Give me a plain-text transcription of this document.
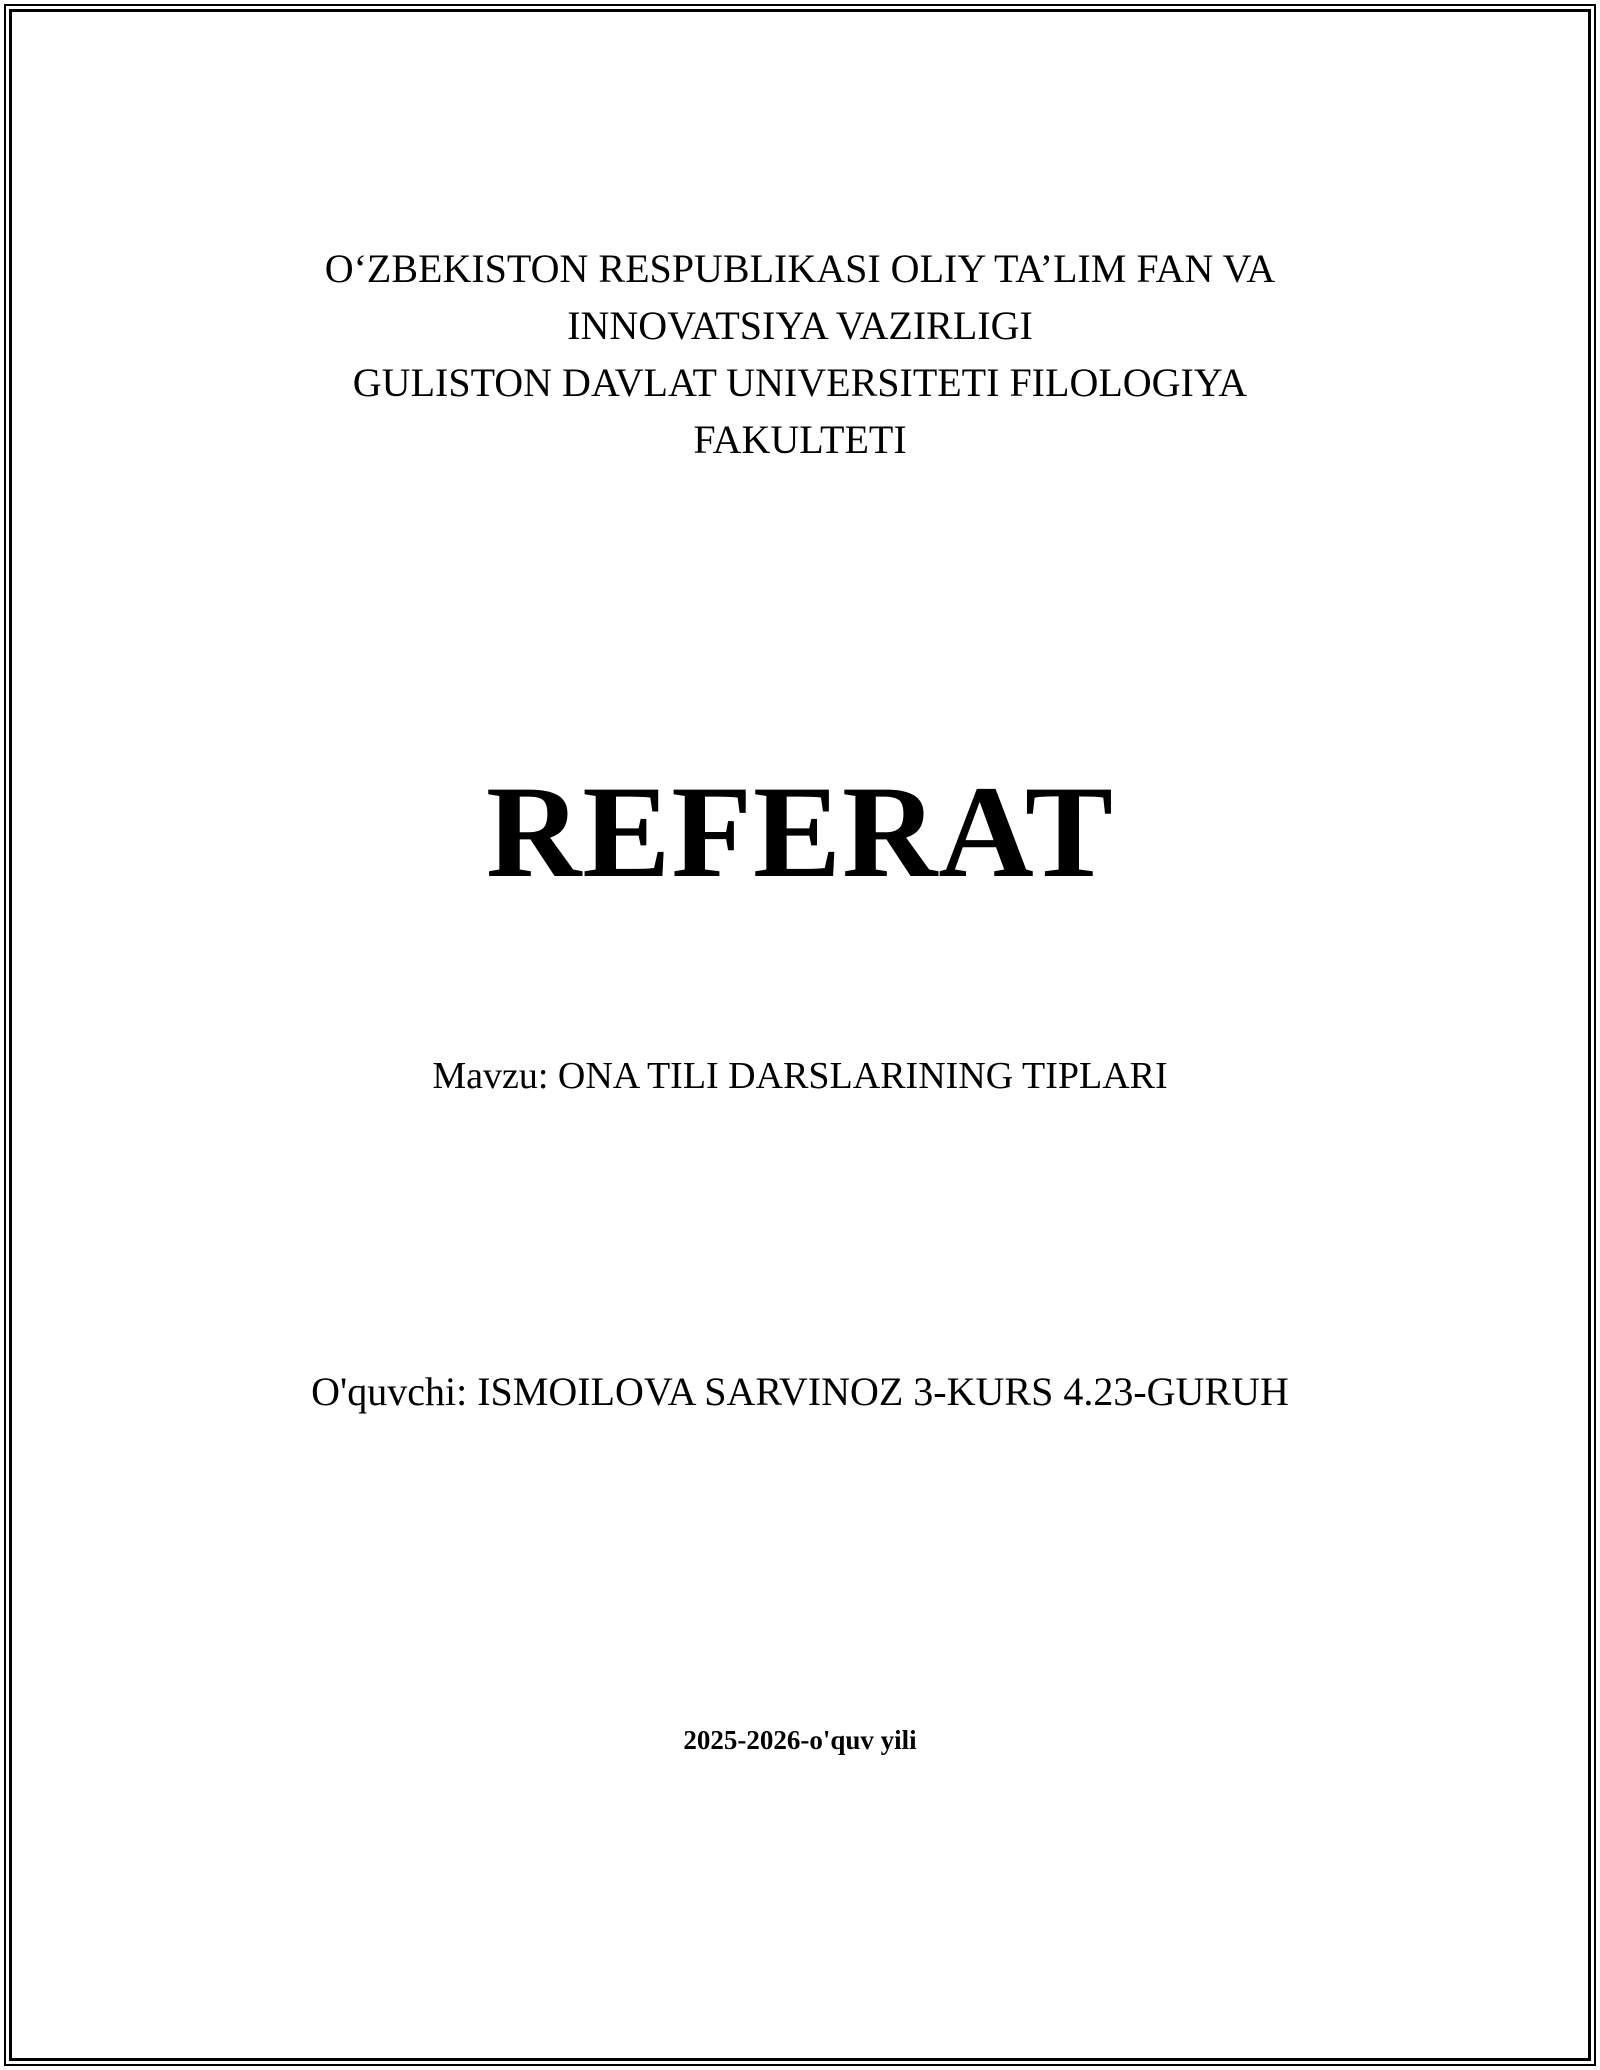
OʻZBEKISTON RESPUBLIKASI OLIY TA’LIM FAN VA
INNOVATSIYA VAZIRLIGI
GULISTON DAVLAT UNIVERSITETI FILOLOGIYA
FAKULTETI
REFERAT
Mavzu: ONA TILI DARSLARINING TIPLARI
O'quvchi: ISMOILOVA SARVINOZ 3-KURS 4.23-GURUH
2025-2026-o'quv yili
